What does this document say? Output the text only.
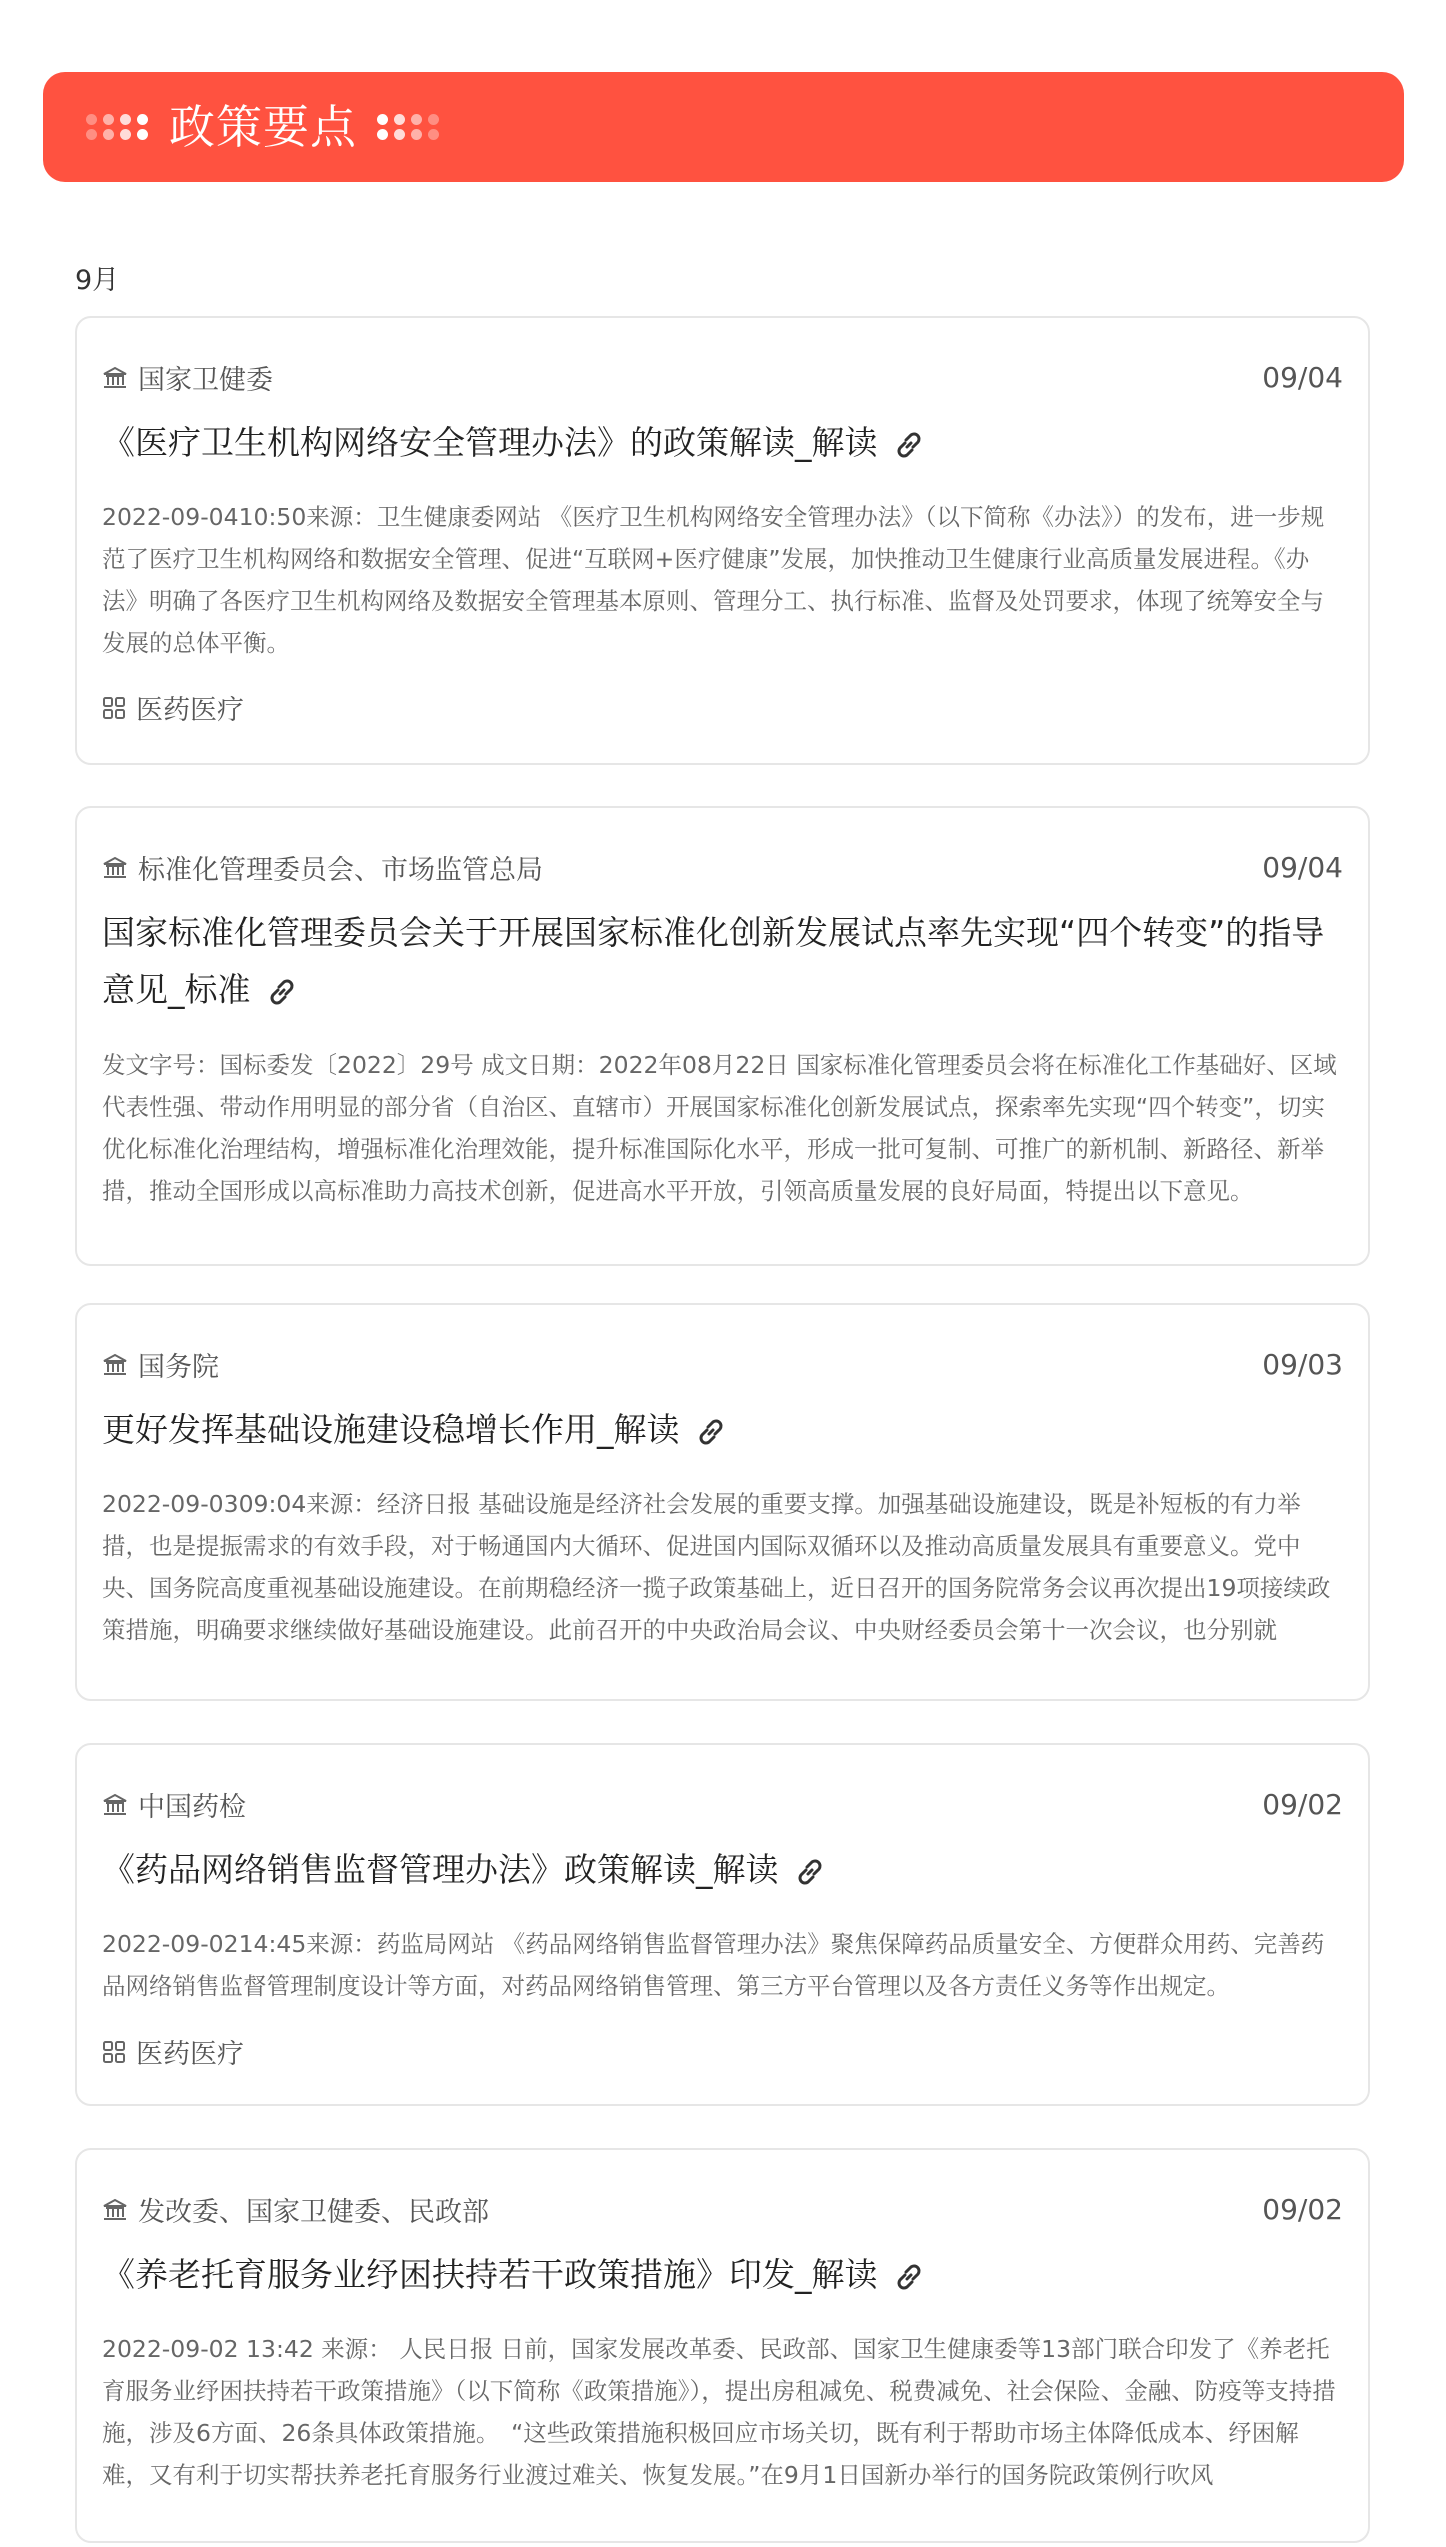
政策要点
9月
国家卫健委	09/04
《医疗卫生机构网络安全管理办法》的政策解读_解读
2022-09-0410:50来源：卫生健康委网站 《医疗卫生机构网络安全管理办法》（以下简称《办法》）的发布，进一步规范了医疗卫生机构网络和数据安全管理、促进“互联网+医疗健康”发展，加快推动卫生健康行业高质量发展进程。《办法》明确了各医疗卫生机构网络及数据安全管理基本原则、管理分工、执行标准、监督及处罚要求，体现了统筹安全与发展的总体平衡。
医药医疗
标准化管理委员会、市场监管总局	09/04
国家标准化管理委员会关于开展国家标准化创新发展试点率先实现“四个转变”的指导意见_标准
发文字号：国标委发〔2022〕29号 成文日期：2022年08月22日 国家标准化管理委员会将在标准化工作基础好、区域代表性强、带动作用明显的部分省（自治区、直辖市）开展国家标准化创新发展试点，探索率先实现“四个转变”，切实优化标准化治理结构，增强标准化治理效能，提升标准国际化水平，形成一批可复制、可推广的新机制、新路径、新举措，推动全国形成以高标准助力高技术创新，促进高水平开放，引领高质量发展的良好局面，特提出以下意见。
国务院	09/03
更好发挥基础设施建设稳增长作用_解读
2022-09-0309:04来源：经济日报 基础设施是经济社会发展的重要支撑。加强基础设施建设，既是补短板的有力举措，也是提振需求的有效手段，对于畅通国内大循环、促进国内国际双循环以及推动高质量发展具有重要意义。党中央、国务院高度重视基础设施建设。在前期稳经济一揽子政策基础上，近日召开的国务院常务会议再次提出19项接续政策措施，明确要求继续做好基础设施建设。此前召开的中央政治局会议、中央财经委员会第十一次会议，也分别就
中国药检	09/02
《药品网络销售监督管理办法》政策解读_解读
2022-09-0214:45来源：药监局网站 《药品网络销售监督管理办法》聚焦保障药品质量安全、方便群众用药、完善药品网络销售监督管理制度设计等方面，对药品网络销售管理、第三方平台管理以及各方责任义务等作出规定。
医药医疗
发改委、国家卫健委、民政部	09/02
《养老托育服务业纾困扶持若干政策措施》印发_解读
2022-09-02 13:42 来源： 人民日报 日前，国家发展改革委、民政部、国家卫生健康委等13部门联合印发了《养老托育服务业纾困扶持若干政策措施》（以下简称《政策措施》），提出房租减免、税费减免、社会保险、金融、防疫等支持措施，涉及6方面、26条具体政策措施。　“这些政策措施积极回应市场关切，既有利于帮助市场主体降低成本、纾困解难，又有利于切实帮扶养老托育服务行业渡过难关、恢复发展。”在9月1日国新办举行的国务院政策例行吹风
